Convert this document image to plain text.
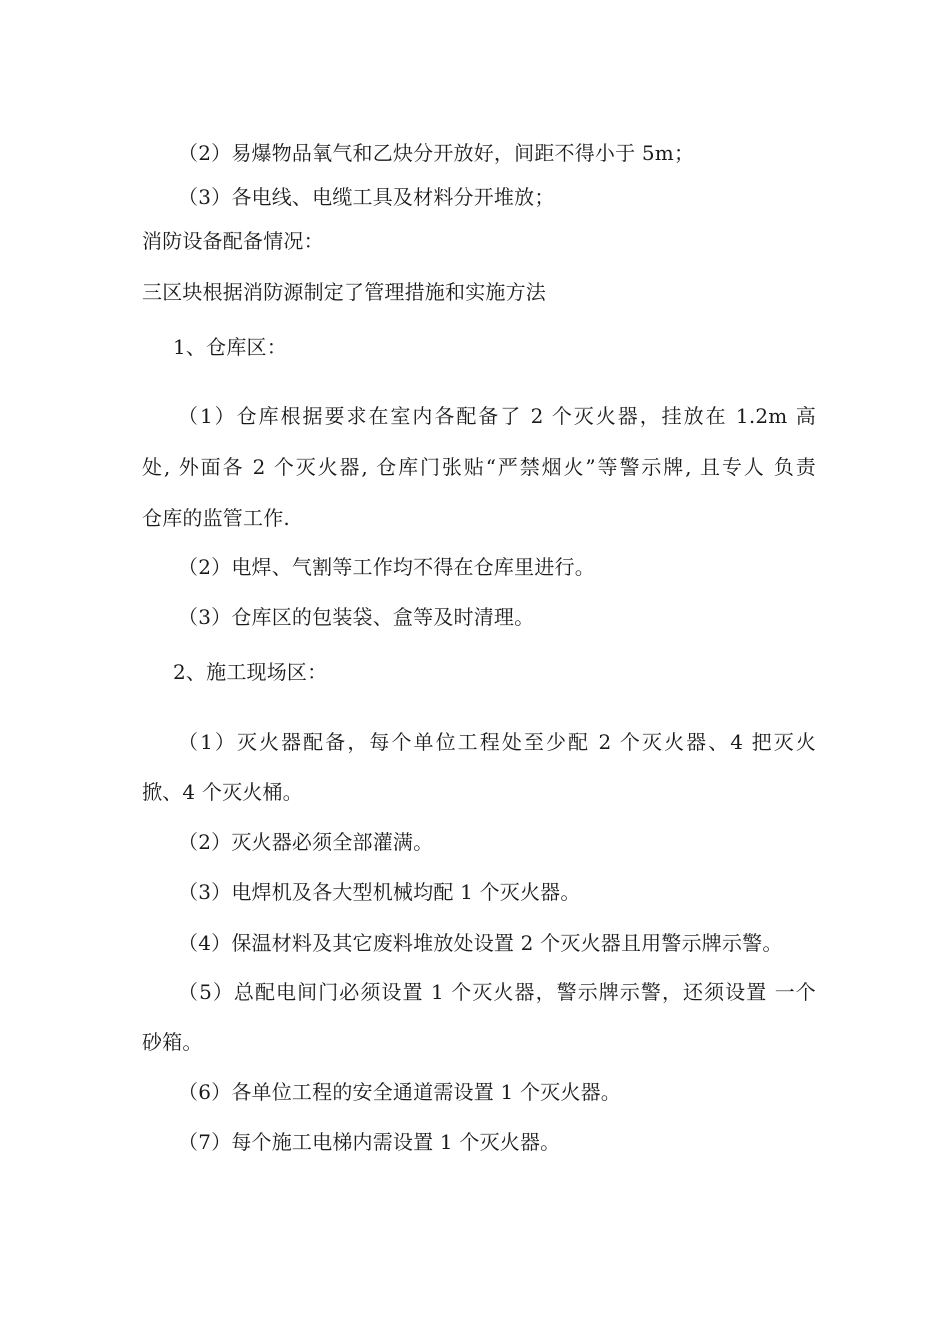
（2）易爆物品氧气和乙炔分开放好，间距不得小于 5m；
（3）各电线、电缆工具及材料分开堆放；
消防设备配备情况：
三区块根据消防源制定了管理措施和实施方法
1、仓库区：
（1）仓库根据要求在室内各配备了 2 个灭火器，挂放在 1.2m 高
处, 外面各 2 个灭火器, 仓库门张贴“严禁烟火”等警示牌, 且专人 负责
仓库的监管工作.
（2）电焊、气割等工作均不得在仓库里进行。
（3）仓库区的包装袋、盒等及时清理。
2、施工现场区：
（1）灭火器配备，每个单位工程处至少配 2 个灭火器、4 把灭火
掀、4 个灭火桶。
（2）灭火器必须全部灌满。
（3）电焊机及各大型机械均配 1 个灭火器。
（4）保温材料及其它废料堆放处设置 2 个灭火器且用警示牌示警。
（5）总配电间门必须设置 1 个灭火器，警示牌示警，还须设置 一个
砂箱。
（6）各单位工程的安全通道需设置 1 个灭火器。
（7）每个施工电梯内需设置 1 个灭火器。
